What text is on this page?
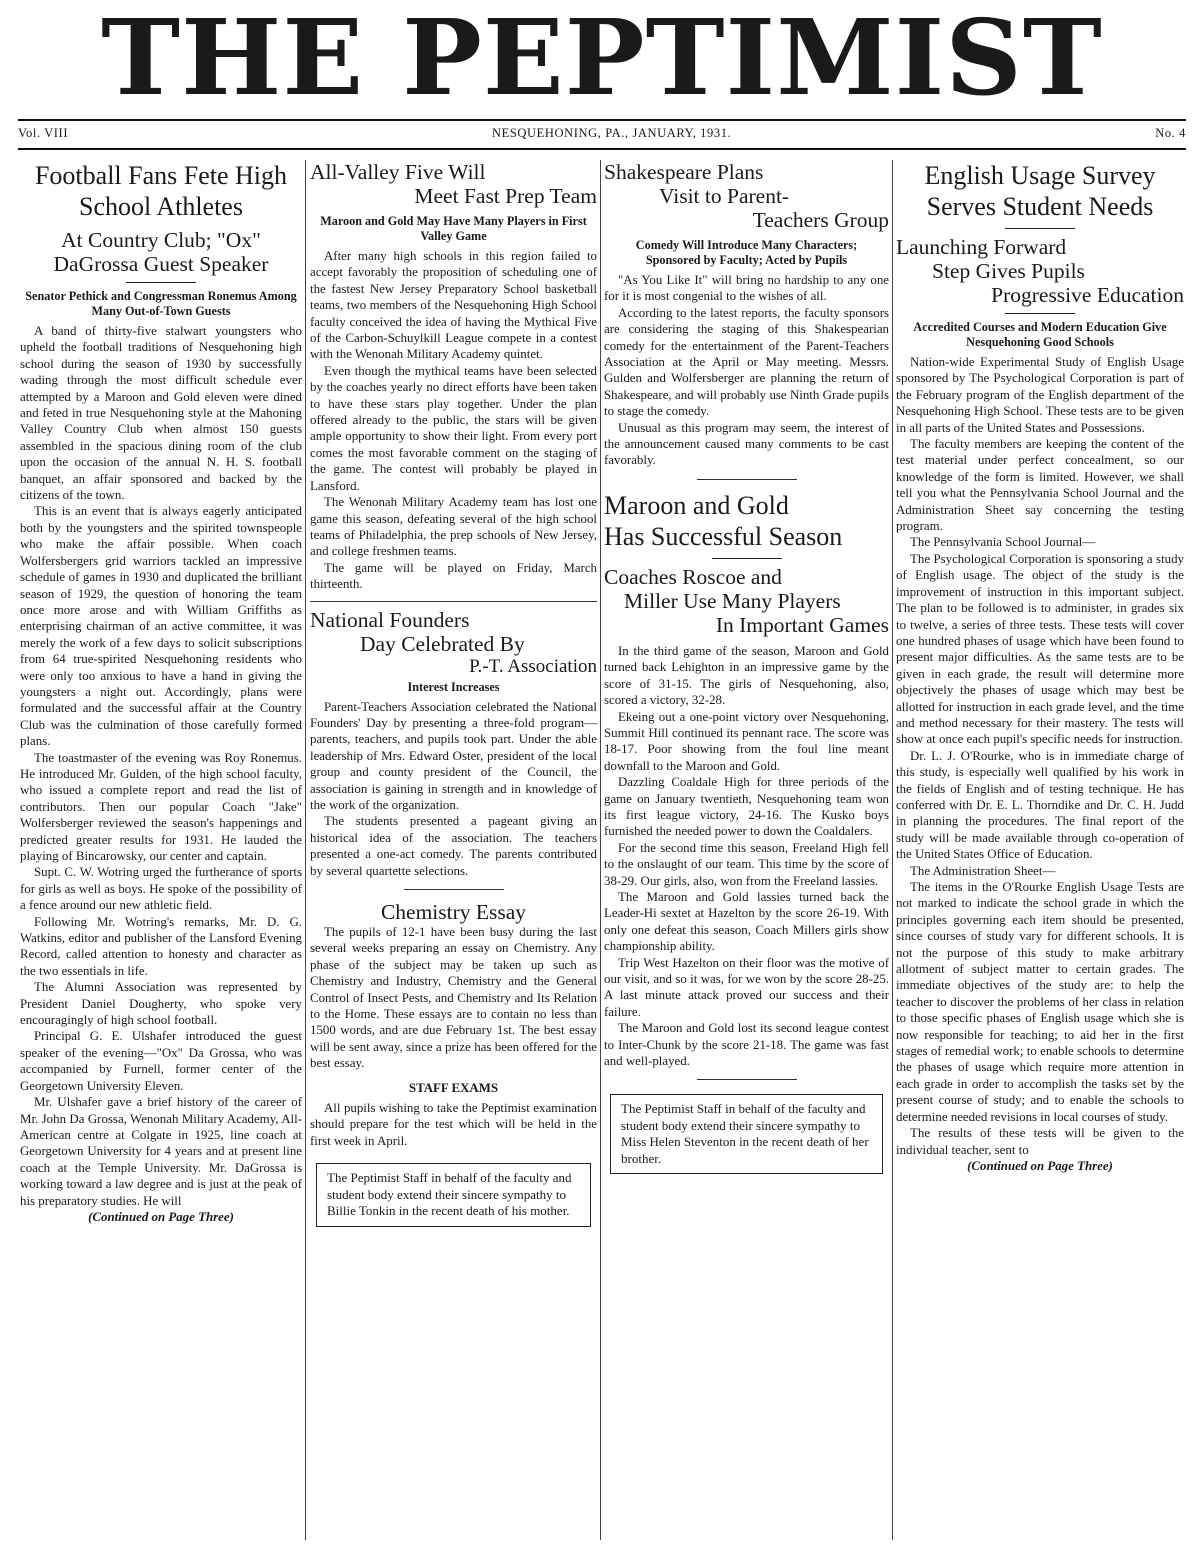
THE PEPTIMIST
Vol. VIII	NESQUEHONING, PA., JANUARY, 1931.	No. 4
Football Fans Fete High School Athletes
At Country Club; "Ox" DaGrossa Guest Speaker
Senator Pethick and Congressman Ronemus Among Many Out-of-Town Guests

A band of thirty-five stalwart youngsters who upheld the football traditions of Nesquehoning high school during the season of 1930 by successfully wading through the most difficult schedule ever attempted by a Maroon and Gold eleven were dined and feted in true Nesquehoning style at the Mahoning Valley Country Club when almost 150 guests assembled in the spacious dining room of the club upon the occasion of the annual N. H. S. football banquet, an affair sponsored and backed by the citizens of the town.

This is an event that is always eagerly anticipated both by the youngsters and the spirited townspeople who make the affair possible. When coach Wolfersbergers grid warriors tackled an impressive schedule of games in 1930 and duplicated the brilliant season of 1929, the question of honoring the team once more arose and with William Griffiths as enterprising chairman of an active committee, it was merely the work of a few days to solicit subscriptions from 64 true-spirited Nesquehoning residents who were only too anxious to have a hand in giving the youngsters a night out. Accordingly, plans were formulated and the successful affair at the Country Club was the culmination of those carefully formed plans.

The toastmaster of the evening was Roy Ronemus. He introduced Mr. Gulden, of the high school faculty, who issued a complete report and read the list of contributors. Then our popular Coach "Jake" Wolfersberger reviewed the season's happenings and predicted greater results for 1931. He lauded the playing of Bincarowsky, our center and captain.

Supt. C. W. Wotring urged the furtherance of sports for girls as well as boys. He spoke of the possibility of a fence around our new athletic field.

Following Mr. Wotring's remarks, Mr. D. G. Watkins, editor and publisher of the Lansford Evening Record, called attention to honesty and character as the two essentials in life.

The Alumni Association was represented by President Daniel Dougherty, who spoke very encouragingly of high school football.

Principal G. E. Ulshafer introduced the guest speaker of the evening—"Ox" Da Grossa, who was accompanied by Furnell, former center of the Georgetown University Eleven.

Mr. Ulshafer gave a brief history of the career of Mr. John Da Grossa, Wenonah Military Academy, All-American centre at Colgate in 1925, line coach at Georgetown University for 4 years and at present line coach at the Temple University. Mr. DaGrossa is working toward a law degree and is just at the peak of his preparatory studies. He will

(Continued on Page Three)

All-Valley Five Will
Meet Fast Prep Team
Maroon and Gold May Have Many Players in First Valley Game

After many high schools in this region failed to accept favorably the proposition of scheduling one of the fastest New Jersey Preparatory School basketball teams, two members of the Nesquehoning High School faculty conceived the idea of having the Mythical Five of the Carbon-Schuylkill League compete in a contest with the Wenonah Military Academy quintet.

Even though the mythical teams have been selected by the coaches yearly no direct efforts have been taken to have these stars play together. Under the plan offered already to the public, the stars will be given ample opportunity to show their light. From every port comes the most favorable comment on the staging of the game. The contest will probably be played in Lansford.

The Wenonah Military Academy team has lost one game this season, defeating several of the high school teams of Philadelphia, the prep schools of New Jersey, and college freshmen teams.

The game will be played on Friday, March thirteenth.

National Founders
Day Celebrated By
P.-T. Association
Interest Increases

Parent-Teachers Association celebrated the National Founders' Day by presenting a three-fold program—parents, teachers, and pupils took part. Under the able leadership of Mrs. Edward Oster, president of the local group and county president of the Council, the association is gaining in strength and in knowledge of the work of the organization.

The students presented a pageant giving an historical idea of the association. The teachers presented a one-act comedy. The parents contributed by several quartette selections.

Chemistry Essay

The pupils of 12-1 have been busy during the last several weeks preparing an essay on Chemistry. Any phase of the subject may be taken up such as Chemistry and Industry, Chemistry and the General Control of Insect Pests, and Chemistry and Its Relation to the Home. These essays are to contain no less than 1500 words, and are due February 1st. The best essay will be sent away, since a prize has been offered for the best essay.

STAFF EXAMS

All pupils wishing to take the Peptimist examination should prepare for the test which will be held in the first week in April.

The Peptimist Staff in behalf of the faculty and student body extend their sincere sympathy to Billie Tonkin in the recent death of his mother.
Shakespeare Plans
Visit to Parent-
Teachers Group
Comedy Will Introduce Many Characters; Sponsored by Faculty; Acted by Pupils

"As You Like It" will bring no hardship to any one for it is most congenial to the wishes of all.

According to the latest reports, the faculty sponsors are considering the staging of this Shakespearian comedy for the entertainment of the Parent-Teachers Association at the April or May meeting. Messrs. Gulden and Wolfersberger are planning the return of Shakespeare, and will probably use Ninth Grade pupils to stage the comedy.

Unusual as this program may seem, the interest of the announcement caused many comments to be cast favorably.

Maroon and Gold
Has Successful Season
Coaches Roscoe and
Miller Use Many Players
In Important Games

In the third game of the season, Maroon and Gold turned back Lehighton in an impressive game by the score of 31-15. The girls of Nesquehoning, also, scored a victory, 32-28.

Ekeing out a one-point victory over Nesquehoning, Summit Hill continued its pennant race. The score was 18-17. Poor showing from the foul line meant downfall to the Maroon and Gold.

Dazzling Coaldale High for three periods of the game on January twentieth, Nesquehoning team won its first league victory, 24-16. The Kusko boys furnished the needed power to down the Coaldalers.

For the second time this season, Freeland High fell to the onslaught of our team. This time by the score of 38-29. Our girls, also, won from the Freeland lassies.

The Maroon and Gold lassies turned back the Leader-Hi sextet at Hazelton by the score 26-19. With only one defeat this season, Coach Millers girls show championship ability.

Trip West Hazelton on their floor was the motive of our visit, and so it was, for we won by the score 28-25. A last minute attack proved our success and their failure.

The Maroon and Gold lost its second league contest to Inter-Chunk by the score 21-18. The game was fast and well-played.

The Peptimist Staff in behalf of the faculty and student body extend their sincere sympathy to Miss Helen Steventon in the recent death of her brother.
English Usage Survey
Serves Student Needs
Launching Forward
Step Gives Pupils
Progressive Education
Accredited Courses and Modern Education Give Nesquehoning Good Schools

Nation-wide Experimental Study of English Usage sponsored by The Psychological Corporation is part of the February program of the English department of the Nesquehoning High School. These tests are to be given in all parts of the United States and Possessions.

The faculty members are keeping the content of the test material under perfect concealment, so our knowledge of the form is limited. However, we shall tell you what the Pennsylvania School Journal and the Administration Sheet say concerning the testing program.

The Pennsylvania School Journal—

The Psychological Corporation is sponsoring a study of English usage. The object of the study is the improvement of instruction in this important subject. The plan to be followed is to administer, in grades six to twelve, a series of three tests. These tests will cover one hundred phases of usage which have been found to present major difficulties. As the same tests are to be given in each grade, the result will determine more objectively the phases of usage which may best be allotted for instruction in each grade level, and the time and method necessary for their mastery. The tests will show at once each pupil's specific needs for instruction.

Dr. L. J. O'Rourke, who is in immediate charge of this study, is especially well qualified by his work in the fields of English and of testing technique. He has conferred with Dr. E. L. Thorndike and Dr. C. H. Judd in planning the procedures. The final report of the study will be made available through co-operation of the United States Office of Education.

The Administration Sheet—

The items in the O'Rourke English Usage Tests are not marked to indicate the school grade in which the principles governing each item should be presented, since courses of study vary for different schools. It is not the purpose of this study to make arbitrary allotment of subject matter to certain grades. The immediate objectives of the study are: to help the teacher to discover the problems of her class in relation to those specific phases of English usage which she is now responsible for teaching; to aid her in the first stages of remedial work; to enable schools to determine the phases of usage which require more attention in each grade in order to accomplish the tasks set by the present course of study; and to enable the schools to determine needed revisions in local courses of study.

The results of these tests will be given to the individual teacher, sent to

(Continued on Page Three)
